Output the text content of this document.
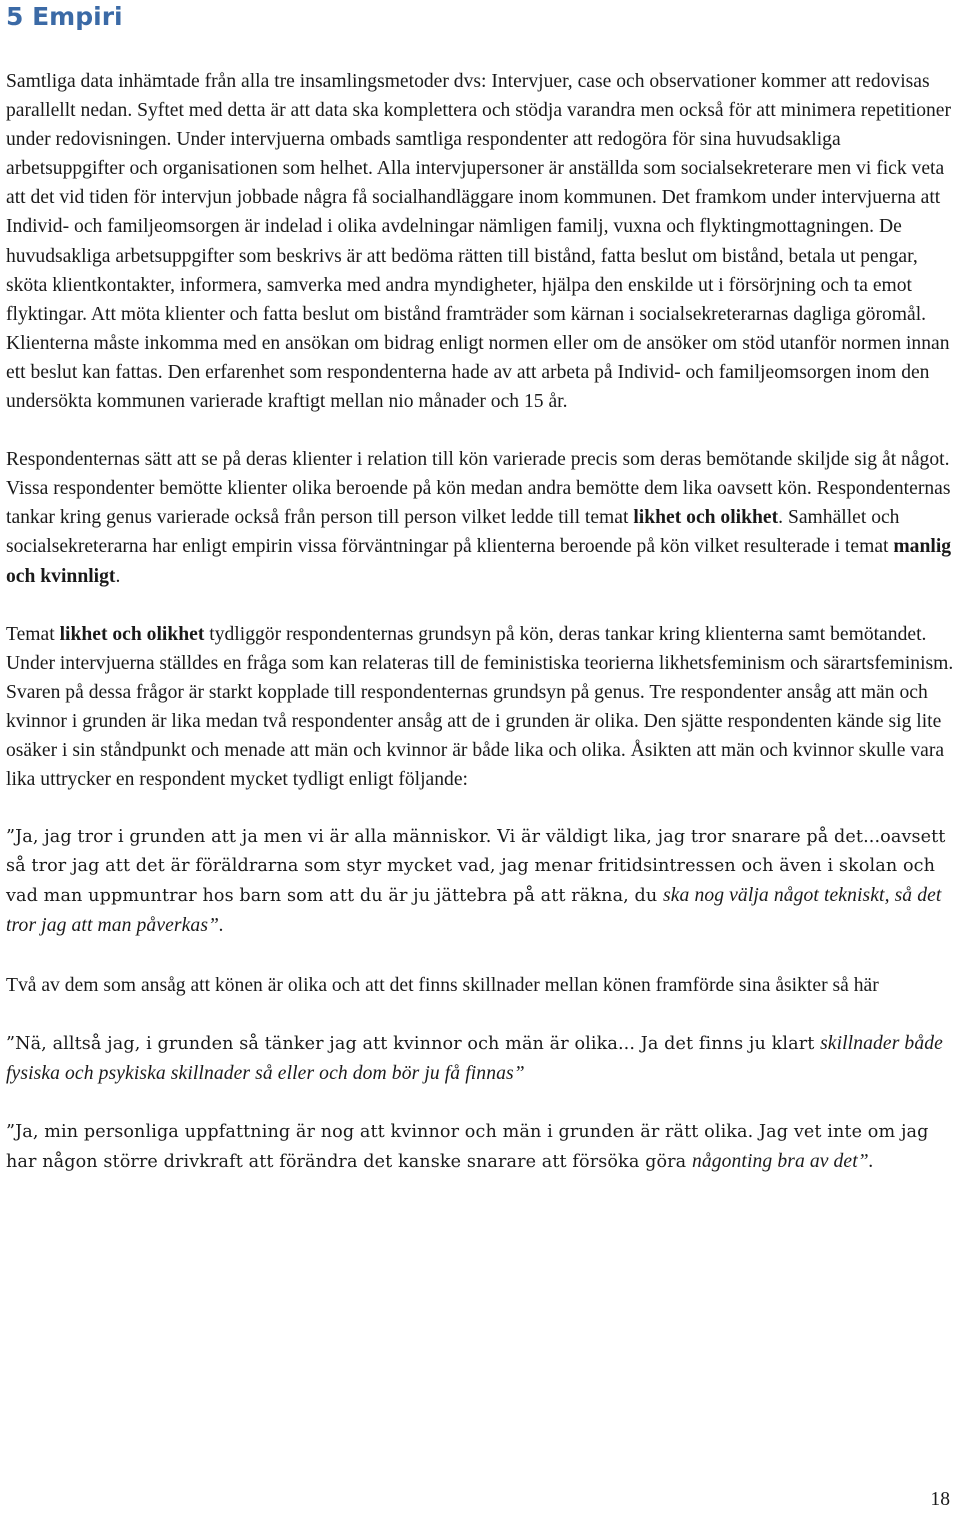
5 Empiri

Samtliga data inhämtade från alla tre insamlingsmetoder dvs: Intervjuer, case och observationer kommer att redovisas parallellt nedan. Syftet med detta är att data ska komplettera och stödja varandra men också för att minimera repetitioner under redovisningen. Under intervjuerna ombads samtliga respondenter att redogöra för sina huvudsakliga arbetsuppgifter och organisationen som helhet. Alla intervjupersoner är anställda som socialsekreterare men vi fick veta att det vid tiden för intervjun jobbade några få socialhandläggare inom kommunen. Det framkom under intervjuerna att Individ- och familjeomsorgen är indelad i olika avdelningar nämligen familj, vuxna och flyktingmottagningen. De huvudsakliga arbetsuppgifter som beskrivs är att bedöma rätten till bistånd, fatta beslut om bistånd, betala ut pengar, sköta klientkontakter, informera, samverka med andra myndigheter, hjälpa den enskilde ut i försörjning och ta emot flyktingar. Att möta klienter och fatta beslut om bistånd framträder som kärnan i socialsekreterarnas dagliga göromål. Klienterna måste inkomma med en ansökan om bidrag enligt normen eller om de ansöker om stöd utanför normen innan ett beslut kan fattas. Den erfarenhet som respondenterna hade av att arbeta på Individ- och familjeomsorgen inom den undersökta kommunen varierade kraftigt mellan nio månader och 15 år.

Respondenternas sätt att se på deras klienter i relation till kön varierade precis som deras bemötande skiljde sig åt något. Vissa respondenter bemötte klienter olika beroende på kön medan andra bemötte dem lika oavsett kön. Respondenternas tankar kring genus varierade också från person till person vilket ledde till temat likhet och olikhet. Samhället och socialsekreterarna har enligt empirin vissa förväntningar på klienterna beroende på kön vilket resulterade i temat manlig och kvinnligt.

Temat likhet och olikhet tydliggör respondenternas grundsyn på kön, deras tankar kring klienterna samt bemötandet. Under intervjuerna ställdes en fråga som kan relateras till de feministiska teorierna likhetsfeminism och särartsfeminism. Svaren på dessa frågor är starkt kopplade till respondenternas grundsyn på genus. Tre respondenter ansåg att män och kvinnor i grunden är lika medan två respondenter ansåg att de i grunden är olika. Den sjätte respondenten kände sig lite osäker i sin ståndpunkt och menade att män och kvinnor är både lika och olika. Åsikten att män och kvinnor skulle vara lika uttrycker en respondent mycket tydligt enligt följande:

”Ja, jag tror i grunden att ja men vi är alla människor. Vi är väldigt lika, jag tror snarare på det...oavsett så tror jag att det är föräldrarna som styr mycket vad, jag menar fritidsintressen och även i skolan och vad man uppmuntrar hos barn som att du är ju jättebra på att räkna, du ska nog välja något tekniskt, så det tror jag att man påverkas”.

Två av dem som ansåg att könen är olika och att det finns skillnader mellan könen framförde sina åsikter så här

”Nä, alltså jag, i grunden så tänker jag att kvinnor och män är olika... Ja det finns ju klart skillnader både fysiska och psykiska skillnader så eller och dom bör ju få finnas”

”Ja, min personliga uppfattning är nog att kvinnor och män i grunden är rätt olika. Jag vet inte om jag har någon större drivkraft att förändra det kanske snarare att försöka göra någonting bra av det”.

18
